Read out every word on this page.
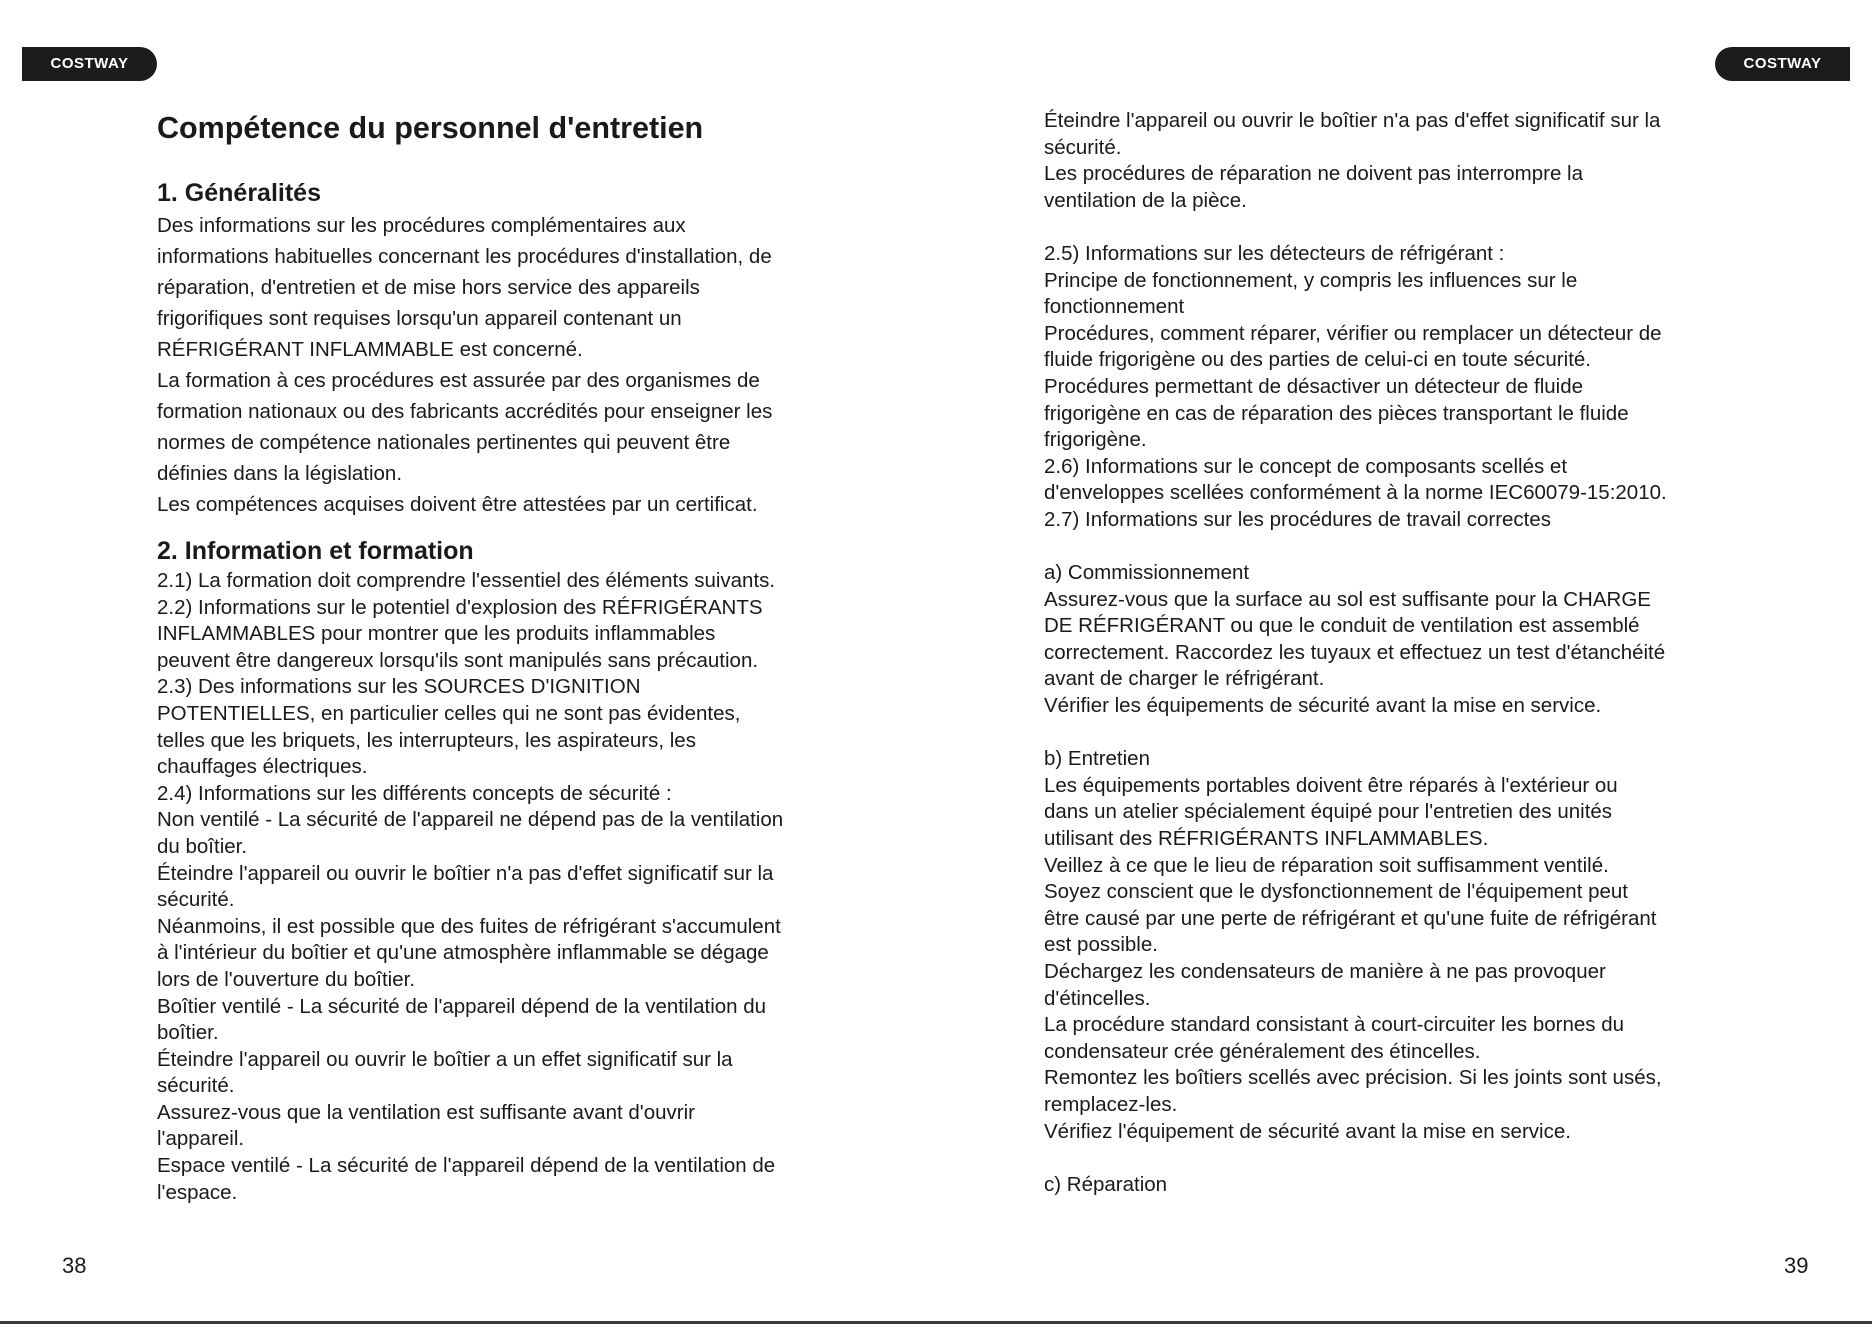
COSTWAY	COSTWAY
Compétence du personnel d'entretien
1. Généralités

Des informations sur les procédures complémentaires aux

informations habituelles concernant les procédures d'installation, de

réparation, d'entretien et de mise hors service des appareils

frigorifiques sont requises lorsqu'un appareil contenant un

RÉFRIGÉRANT INFLAMMABLE est concerné.

La formation à ces procédures est assurée par des organismes de

formation nationaux ou des fabricants accrédités pour enseigner les

normes de compétence nationales pertinentes qui peuvent être

définies dans la législation.

Les compétences acquises doivent être attestées par un certificat.

2. Information et formation

2.1) La formation doit comprendre l'essentiel des éléments suivants.

2.2) Informations sur le potentiel d'explosion des RÉFRIGÉRANTS

INFLAMMABLES pour montrer que les produits inflammables

peuvent être dangereux lorsqu'ils sont manipulés sans précaution.

2.3) Des informations sur les SOURCES D'IGNITION

POTENTIELLES, en particulier celles qui ne sont pas évidentes,

telles que les briquets, les interrupteurs, les aspirateurs, les

chauffages électriques.

2.4) Informations sur les différents concepts de sécurité :

Non ventilé - La sécurité de l'appareil ne dépend pas de la ventilation

du boîtier.

Éteindre l'appareil ou ouvrir le boîtier n'a pas d'effet significatif sur la

sécurité.

Néanmoins, il est possible que des fuites de réfrigérant s'accumulent

à l'intérieur du boîtier et qu'une atmosphère inflammable se dégage

lors de l'ouverture du boîtier.

Boîtier ventilé - La sécurité de l'appareil dépend de la ventilation du

boîtier.

Éteindre l'appareil ou ouvrir le boîtier a un effet significatif sur la

sécurité.

Assurez-vous que la ventilation est suffisante avant d'ouvrir

l'appareil.

Espace ventilé - La sécurité de l'appareil dépend de la ventilation de

l'espace.

Éteindre l'appareil ou ouvrir le boîtier n'a pas d'effet significatif sur la

sécurité.

Les procédures de réparation ne doivent pas interrompre la

ventilation de la pièce.

2.5) Informations sur les détecteurs de réfrigérant :

Principe de fonctionnement, y compris les influences sur le

fonctionnement

Procédures, comment réparer, vérifier ou remplacer un détecteur de

fluide frigorigène ou des parties de celui-ci en toute sécurité.

Procédures permettant de désactiver un détecteur de fluide

frigorigène en cas de réparation des pièces transportant le fluide

frigorigène.

2.6) Informations sur le concept de composants scellés et

d'enveloppes scellées conformément à la norme IEC60079-15:2010.

2.7) Informations sur les procédures de travail correctes

a) Commissionnement

Assurez-vous que la surface au sol est suffisante pour la CHARGE

DE RÉFRIGÉRANT ou que le conduit de ventilation est assemblé

correctement. Raccordez les tuyaux et effectuez un test d'étanchéité

avant de charger le réfrigérant.

Vérifier les équipements de sécurité avant la mise en service.

b) Entretien

Les équipements portables doivent être réparés à l'extérieur ou

dans un atelier spécialement équipé pour l'entretien des unités

utilisant des RÉFRIGÉRANTS INFLAMMABLES.

Veillez à ce que le lieu de réparation soit suffisamment ventilé.

Soyez conscient que le dysfonctionnement de l'équipement peut

être causé par une perte de réfrigérant et qu'une fuite de réfrigérant

est possible.

Déchargez les condensateurs de manière à ne pas provoquer

d'étincelles.

La procédure standard consistant à court-circuiter les bornes du

condensateur crée généralement des étincelles.

Remontez les boîtiers scellés avec précision. Si les joints sont usés,

remplacez-les.

Vérifiez l'équipement de sécurité avant la mise en service.

c) Réparation

38	39
